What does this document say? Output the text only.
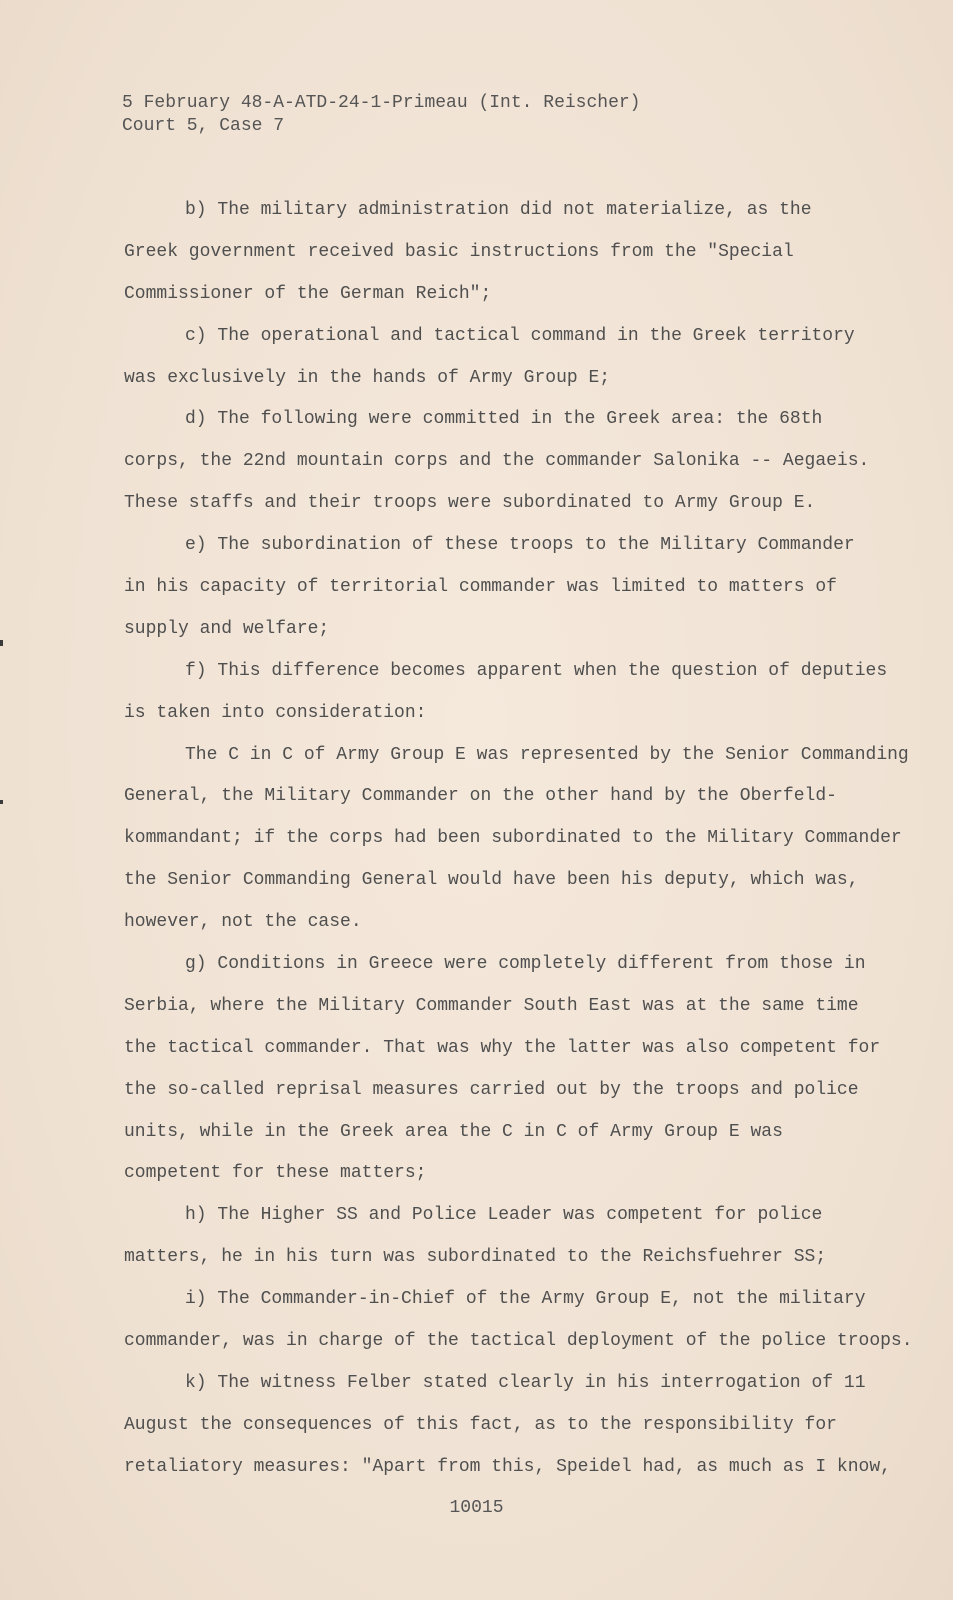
5 February 48-A-ATD-24-1-Primeau (Int. Reischer)
Court 5, Case 7
b) The military administration did not materialize, as the
Greek government received basic instructions from the "Special
Commissioner of the German Reich";
c) The operational and tactical command in the Greek territory
was exclusively in the hands of Army Group E;
d) The following were committed in the Greek area: the 68th
corps, the 22nd mountain corps and the commander Salonika -- Aegaeis.
These staffs and their troops were subordinated to Army Group E.
e) The subordination of these troops to the Military Commander
in his capacity of territorial commander was limited to matters of
supply and welfare;
f) This difference becomes apparent when the question of deputies
is taken into consideration:
The C in C of Army Group E was represented by the Senior Commanding
General, the Military Commander on the other hand by the Oberfeld-
kommandant; if the corps had been subordinated to the Military Commander
the Senior Commanding General would have been his deputy, which was,
however, not the case.
g) Conditions in Greece were completely different from those in
Serbia, where the Military Commander South East was at the same time
the tactical commander. That was why the latter was also competent for
the so-called reprisal measures carried out by the troops and police
units, while in the Greek area the C in C of Army Group E was
competent for these matters;
h) The Higher SS and Police Leader was competent for police
matters, he in his turn was subordinated to the Reichsfuehrer SS;
i) The Commander-in-Chief of the Army Group E, not the military
commander, was in charge of the tactical deployment of the police troops.
k) The witness Felber stated clearly in his interrogation of 11
August the consequences of this fact, as to the responsibility for
retaliatory measures: "Apart from this, Speidel had, as much as I know,
10015
